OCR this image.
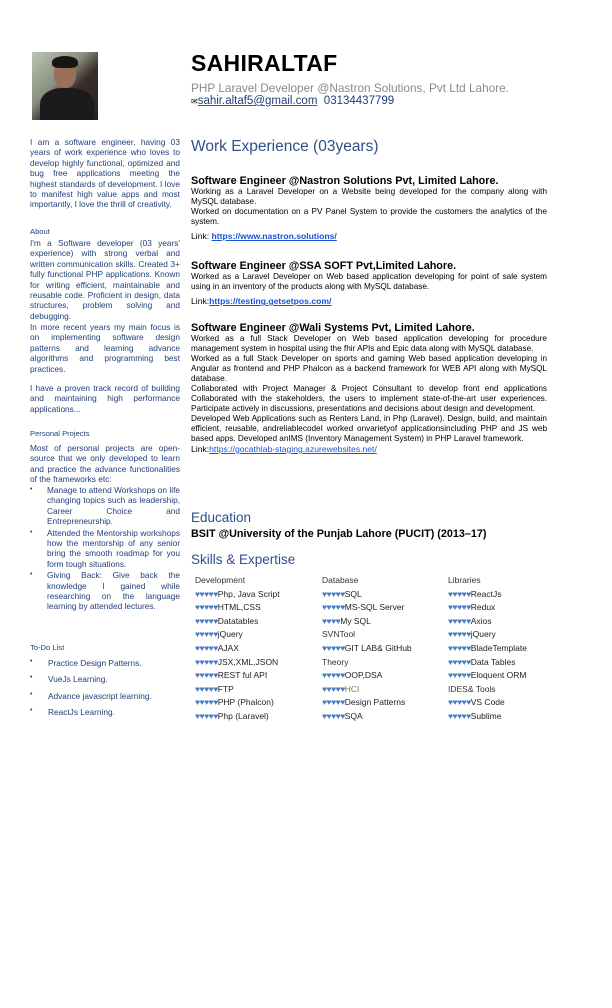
SAHIRALTAF
PHP Laravel Developer @Nastron Solutions, Pvt Ltd Lahore.
✉sahir.altaf5@gmail.com 03134437799
I am a software engineer, having 03 years of work experience who loves to develop highly functional, optimized and bug free applications meeting the highest standards of development. I love to manifest high value apps and most importantly, I love the thrill of creativity.
About
I'm a Software developer (03 years' experience) with strong verbal and written communication skills. Created 3+ fully functional PHP applications. Known for writing efficient, maintainable and reusable code. Proficient in design, data structures, problem solving and debugging.
In more recent years my main focus is on implementing software design patterns and learning advance algorithms and programming best practices.
I have a proven track record of building and maintaining high performance applications...
Personal Projects
Most of personal projects are open-source that we only developed to learn and practice the advance functionalities of the frameworks etc:

• Manage to attend Workshops on life changing topics such as leadership, Career Choice and Entrepreneurship.

• Attended the Mentorship workshops how the mentorship of any senior bring the smooth roadmap for you form tough situations.

• Giving Back: Give back the knowledge I gained while researching on the language learning by attended lectures.

To-Do List
• Practice Design Patterns.
• VueJs Learning.
• Advance javascript learning.
• ReactJs Learning.
Work Experience (03years)
Software Engineer @Nastron Solutions Pvt, Limited Lahore.

Working as a Laravel Developer on a Website being developed for the company along with MySQL database.

Worked on documentation on a PV Panel System to provide the customers the analytics of the system.

Link: https://www.nastron.solutions/
Software Engineer @SSA SOFT Pvt,Limited Lahore.

Worked as a Laravel Developer on Web based application developing for point of sale system using in an inventory of the products along with MySQL database.

Link:https://testing.getsetpos.com/
Software Engineer @Wali Systems Pvt, Limited Lahore.

Worked as a full Stack Developer on Web based application developing for procedure management system in hospital using the fhir APIs and Epic data along with MySQL database.

Worked as a full Stack Developer on sports and gaming Web based application developing in Angular as frontend and PHP Phalcon as a backend framework for WEB API along with MySQL database.

Collaborated with Project Manager & Project Consultant to develop front end applications Collaborated with the stakeholders, the users to implement state-of-the-art user experiences. Participate actively in discussions, presentations and decisions about design and development.

Developed Web Applications such as Renters Land, in Php (Laravel). Design, build, and maintain efficient, reusable, andreliablecodeI worked onvarietyof applicationsincluding PHP and JS web based apps. Developed anIMS (Inventory Management System) in PHP Laravel framework.

Link:https://gocathlab-staging.azurewebsites.net/
Education
BSIT @University of the Punjab Lahore (PUCIT) (2013–17)
Skills & Expertise
Development
♥♥♥♥♥Php, Java Script
♥♥♥♥♥HTML,CSS
♥♥♥♥♥Datatables
♥♥♥♥♥jQuery
♥♥♥♥♥AJAX
♥♥♥♥♥JSX,XML,JSON
♥♥♥♥♥REST ful API
♥♥♥♥♥FTP
♥♥♥♥♥PHP (Phalcon)
♥♥♥♥♥Php (Laravel)
Database
♥♥♥♥♥SQL
♥♥♥♥♥MS-SQL Server
♥♥♥♥My SQL
SVNTool
♥♥♥♥♥GIT LAB& GitHub
Theory
♥♥♥♥♥OOP,DSA
♥♥♥♥♥HCI
♥♥♥♥♥Design Patterns
♥♥♥♥♥SQA
Libraries
♥♥♥♥♥ReactJs
♥♥♥♥♥Redux
♥♥♥♥♥Axios
♥♥♥♥♥jQuery
♥♥♥♥♥BladeTemplate
♥♥♥♥♥Data Tables
♥♥♥♥♥Eloquent ORM
IDES& Tools
♥♥♥♥♥VS Code
♥♥♥♥♥Sublime
